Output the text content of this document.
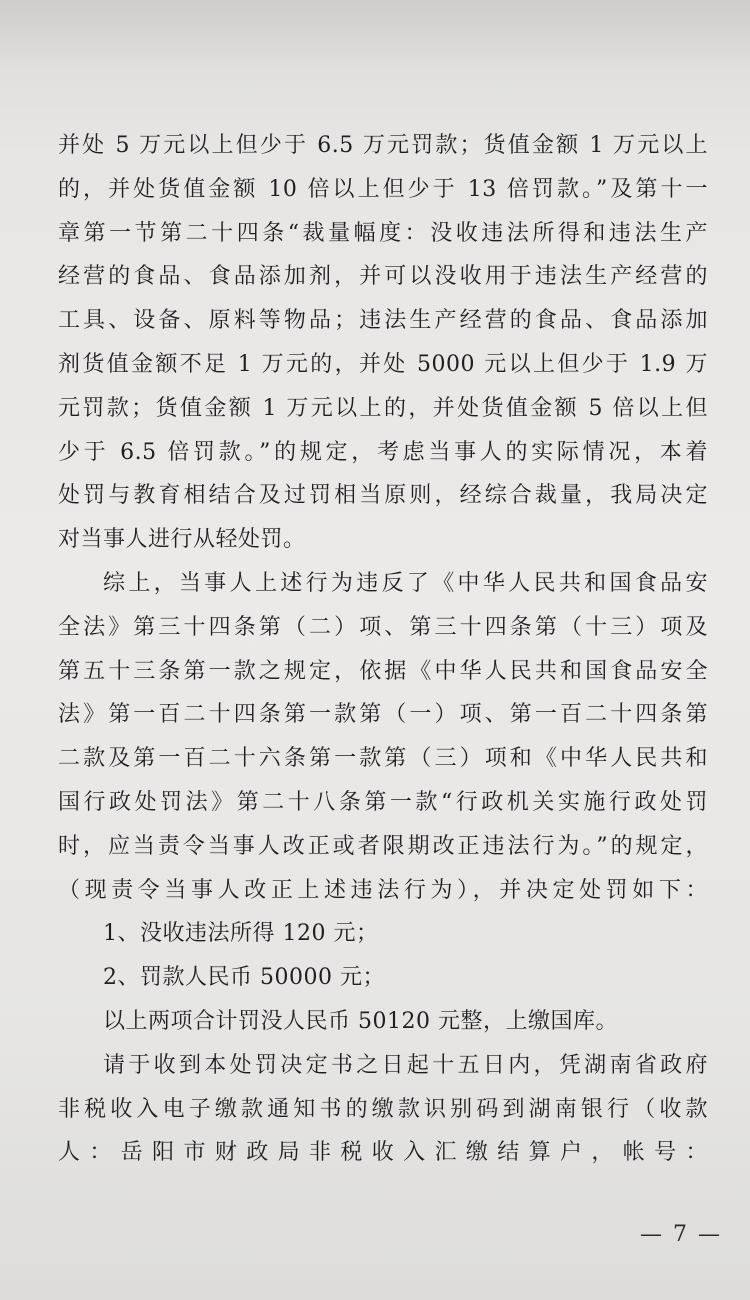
并处 5 万元以上但少于 6.5 万元罚款；货值金额 1 万元以上
的，并处货值金额 10 倍以上但少于 13 倍罚款。”及第十一
章第一节第二十四条“裁量幅度：没收违法所得和违法生产
经营的食品、食品添加剂，并可以没收用于违法生产经营的
工具、设备、原料等物品；违法生产经营的食品、食品添加
剂货值金额不足 1 万元的，并处 5000 元以上但少于 1.9 万
元罚款；货值金额 1 万元以上的，并处货值金额 5 倍以上但
少于 6.5 倍罚款。”的规定，考虑当事人的实际情况，本着
处罚与教育相结合及过罚相当原则，经综合裁量，我局决定
对当事人进行从轻处罚。
综上，当事人上述行为违反了《中华人民共和国食品安
全法》第三十四条第（二）项、第三十四条第（十三）项及
第五十三条第一款之规定，依据《中华人民共和国食品安全
法》第一百二十四条第一款第（一）项、第一百二十四条第
二款及第一百二十六条第一款第（三）项和《中华人民共和
国行政处罚法》第二十八条第一款“行政机关实施行政处罚
时，应当责令当事人改正或者限期改正违法行为。”的规定，
（现责令当事人改正上述违法行为），并决定处罚如下：
1、没收违法所得 120 元；
2、罚款人民币 50000 元；
以上两项合计罚没人民币 50120 元整，上缴国库。
请于收到本处罚决定书之日起十五日内，凭湖南省政府
非税收入电子缴款通知书的缴款识别码到湖南银行（收款
人：岳阳市财政局非税收入汇缴结算户，帐号：
— 7 —
